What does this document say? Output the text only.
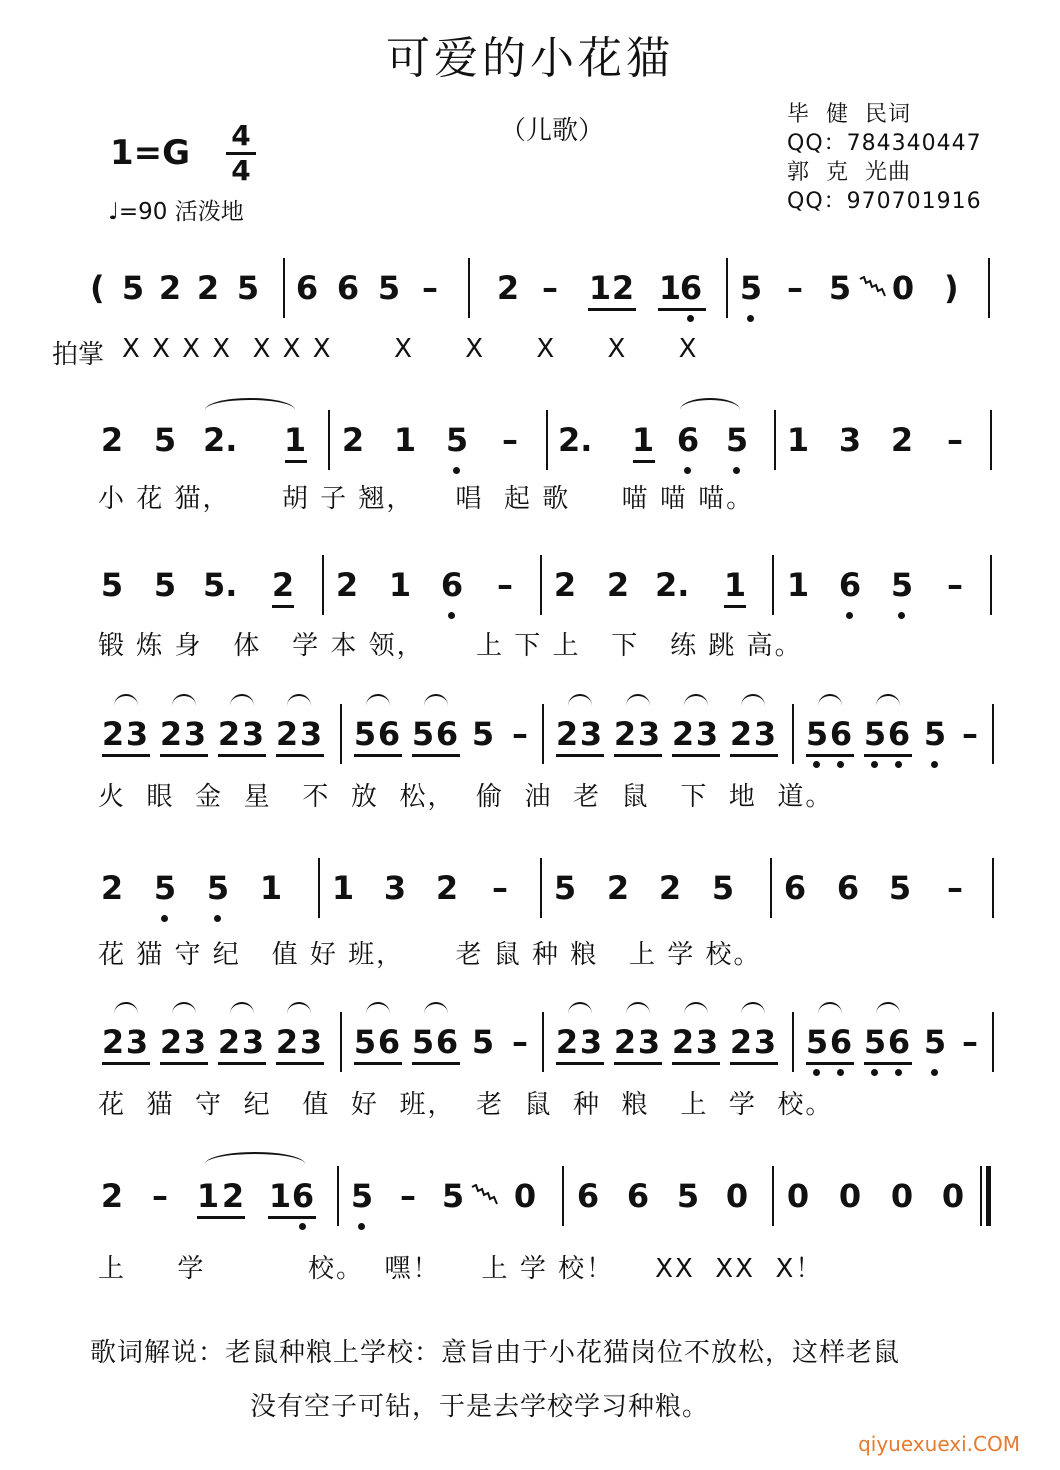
可爱的小花猫
（儿歌）
毕  健  民词
QQ：784340447
郭  克  光曲
QQ：970701916
1=G 4
4
♩=90 活泼地
( 5 2 2 5 6 6 5 – 2 – 1 2 1
6 5 – 5 0 )
拍掌 X X X X  X X X      X     X     X     X     X
2 5 2. 1 2 1 5 – 2. 1 6 5 1 3 2 –
小 花 猫，     胡 子 翘，    唱  起 歌     喵 喵 喵。
5 5 5. 2 2 1 6 – 2 2 2. 1 1 6 5 –
锻 炼 身   体   学 本 领，     上 下 上   下   练 跳 高。
2 3 2 3 2 3 2 3 5 6 5 6 5 – 2 3 2 3 2 3 2 3 5 6 5 6 5 –
火  眼  金  星   不  放  松，  偷  油  老  鼠   下  地  道。
2 5 5 1 1 3 2 – 5 2 2 5 6 6 5 –
花 猫 守 纪   值 好 班，     老 鼠 种 粮   上 学 校。
2 3 2 3 2 3 2 3 5 6 5 6 5 – 2 3 2 3 2 3 2 3 5 6 5 6 5 –
花  猫  守  纪   值  好  班，  老  鼠  种  粮   上  学  校。
2 – 1 2 1 6 5 – 5 0 6 6 5 0 0 0 0 0
上     学          校。  嘿！    上 学 校！    XX  XX  X！
歌词解说：老鼠种粮上学校：意旨由于小花猫岗位不放松，这样老鼠
没有空子可钻，于是去学校学习种粮。
qiyuexuexi.COM
